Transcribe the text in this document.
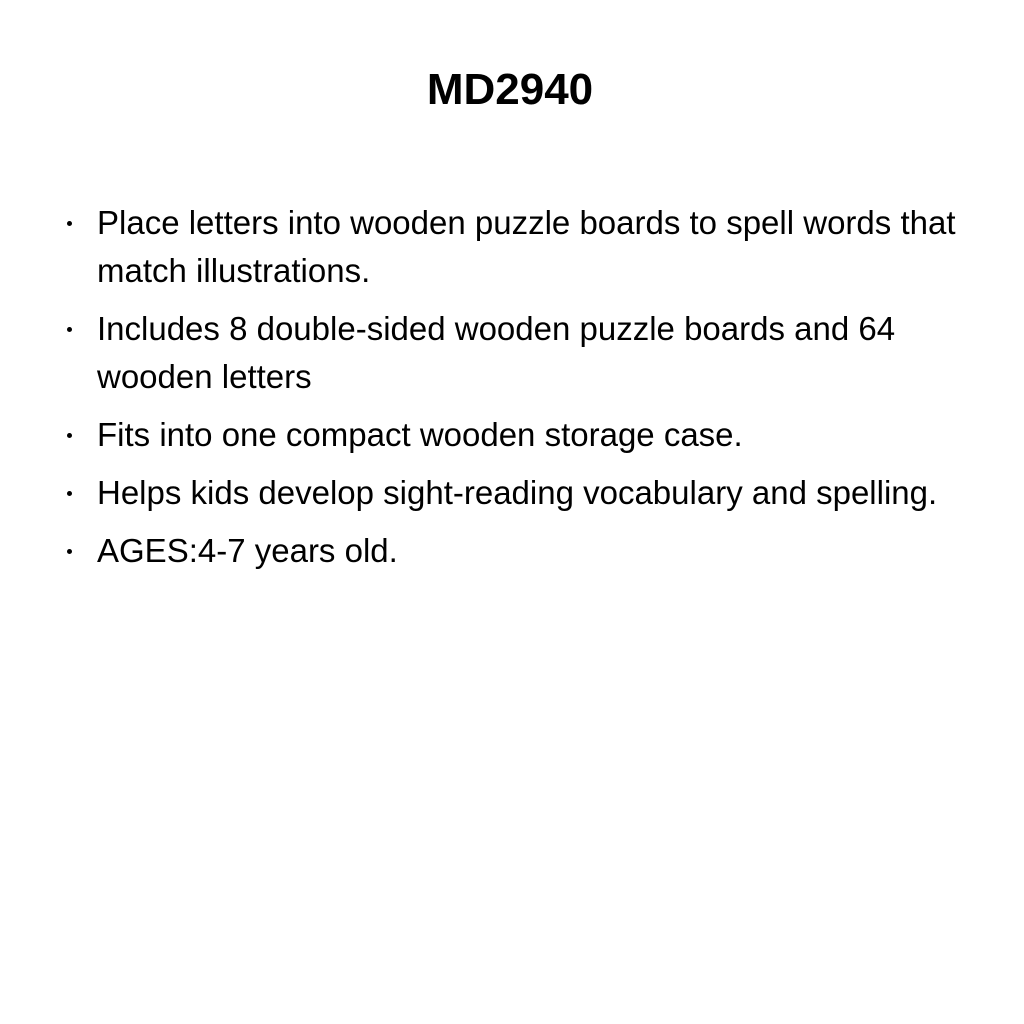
MD2940
Place letters into wooden puzzle boards to spell words that match illustrations.
Includes 8 double-sided wooden puzzle boards and 64 wooden letters
Fits into one compact wooden storage case.
Helps kids develop sight-reading vocabulary and spelling.
AGES:4-7 years old.
